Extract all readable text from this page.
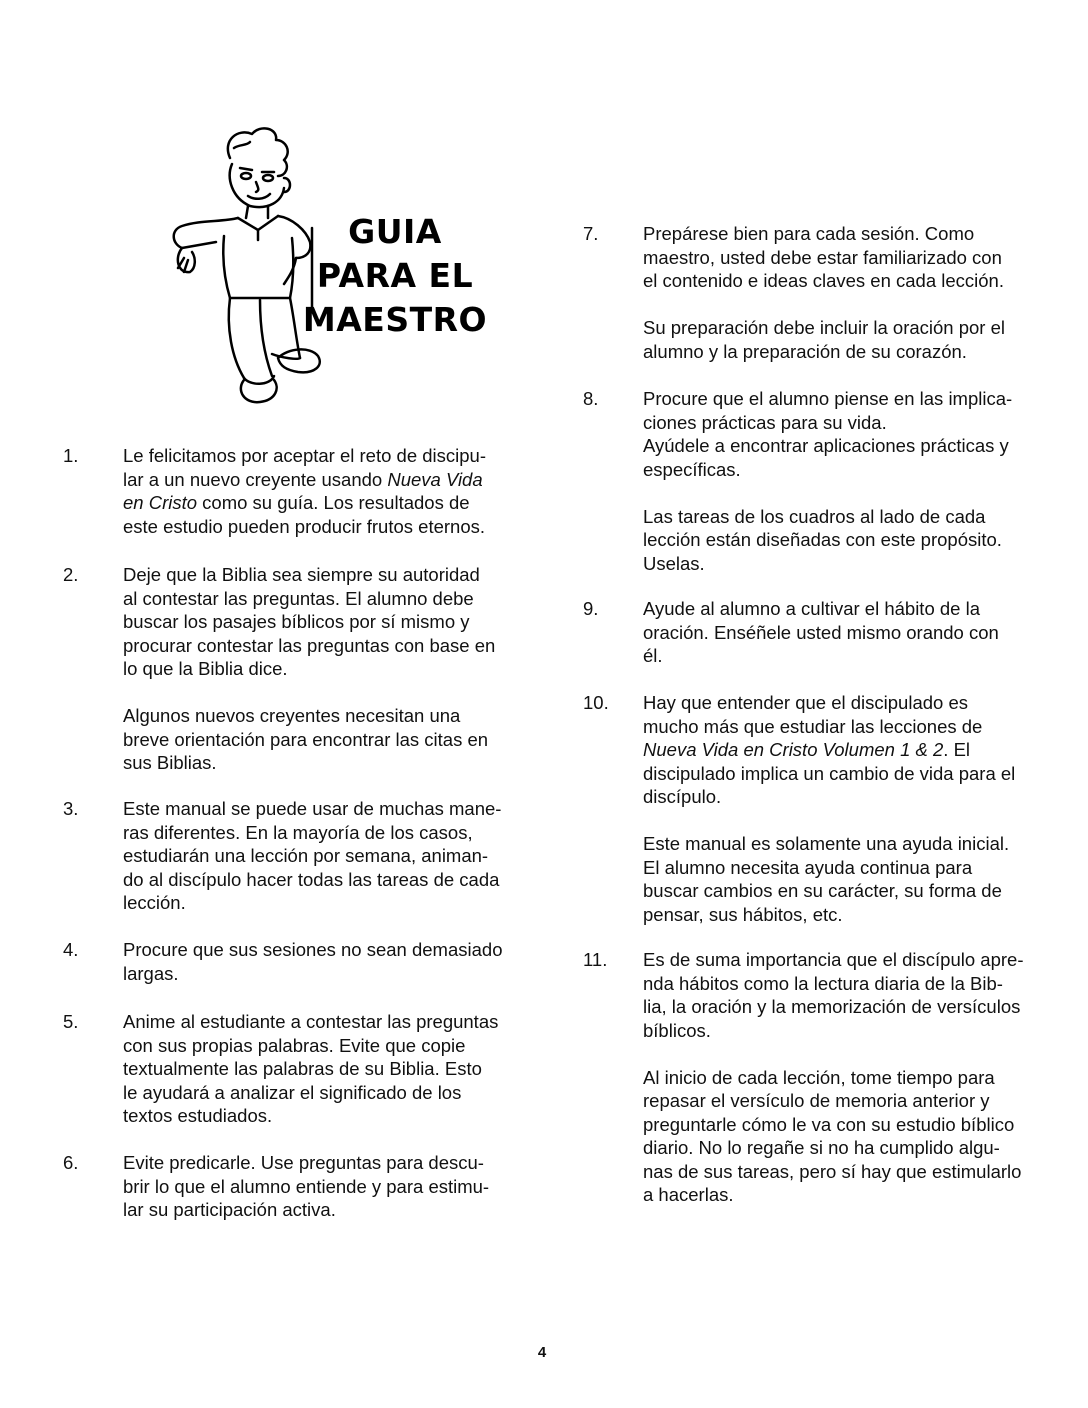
GUIA
PARA EL
MAESTRO
1. Le felicitamos por aceptar el reto de discipu-
lar a un nuevo creyente usando Nueva Vida
en Cristo como su guía. Los resultados de
este estudio pueden producir frutos eternos.

2. Deje que la Biblia sea siempre su autoridad
al contestar las preguntas. El alumno debe
buscar los pasajes bíblicos por sí mismo y
procurar contestar las preguntas con base en
lo que la Biblia dice.

Algunos nuevos creyentes necesitan una
breve orientación para encontrar las citas en
sus Biblias.

3. Este manual se puede usar de muchas mane-
ras diferentes. En la mayoría de los casos,
estudiarán una lección por semana, animan-
do al discípulo hacer todas las tareas de cada
lección.

4. Procure que sus sesiones no sean demasiado
largas.

5. Anime al estudiante a contestar las preguntas
con sus propias palabras. Evite que copie
textualmente las palabras de su Biblia. Esto
le ayudará a analizar el significado de los
textos estudiados.

6. Evite predicarle. Use preguntas para descu-
brir lo que el alumno entiende y para estimu-
lar su participación activa.

7. Prepárese bien para cada sesión. Como
maestro, usted debe estar familiarizado con
el contenido e ideas claves en cada lección.

Su preparación debe incluir la oración por el
alumno y la preparación de su corazón.

8. Procure que el alumno piense en las implica-
ciones prácticas para su vida.
Ayúdele a encontrar aplicaciones prácticas y
específicas.

Las tareas de los cuadros al lado de cada
lección están diseñadas con este propósito.
Uselas.

9. Ayude al alumno a cultivar el hábito de la
oración. Enséñele usted mismo orando con
él.

10. Hay que entender que el discipulado es
mucho más que estudiar las lecciones de
Nueva Vida en Cristo Volumen 1 & 2. El
discipulado implica un cambio de vida para el
discípulo.

Este manual es solamente una ayuda inicial.
El alumno necesita ayuda continua para
buscar cambios en su carácter, su forma de
pensar, sus hábitos, etc.

11. Es de suma importancia que el discípulo apre-
nda hábitos como la lectura diaria de la Bib-
lia, la oración y la memorización de versículos
bíblicos.

Al inicio de cada lección, tome tiempo para
repasar el versículo de memoria anterior y
preguntarle cómo le va con su estudio bíblico
diario. No lo regañe si no ha cumplido algu-
nas de sus tareas, pero sí hay que estimularlo
a hacerlas.

4
